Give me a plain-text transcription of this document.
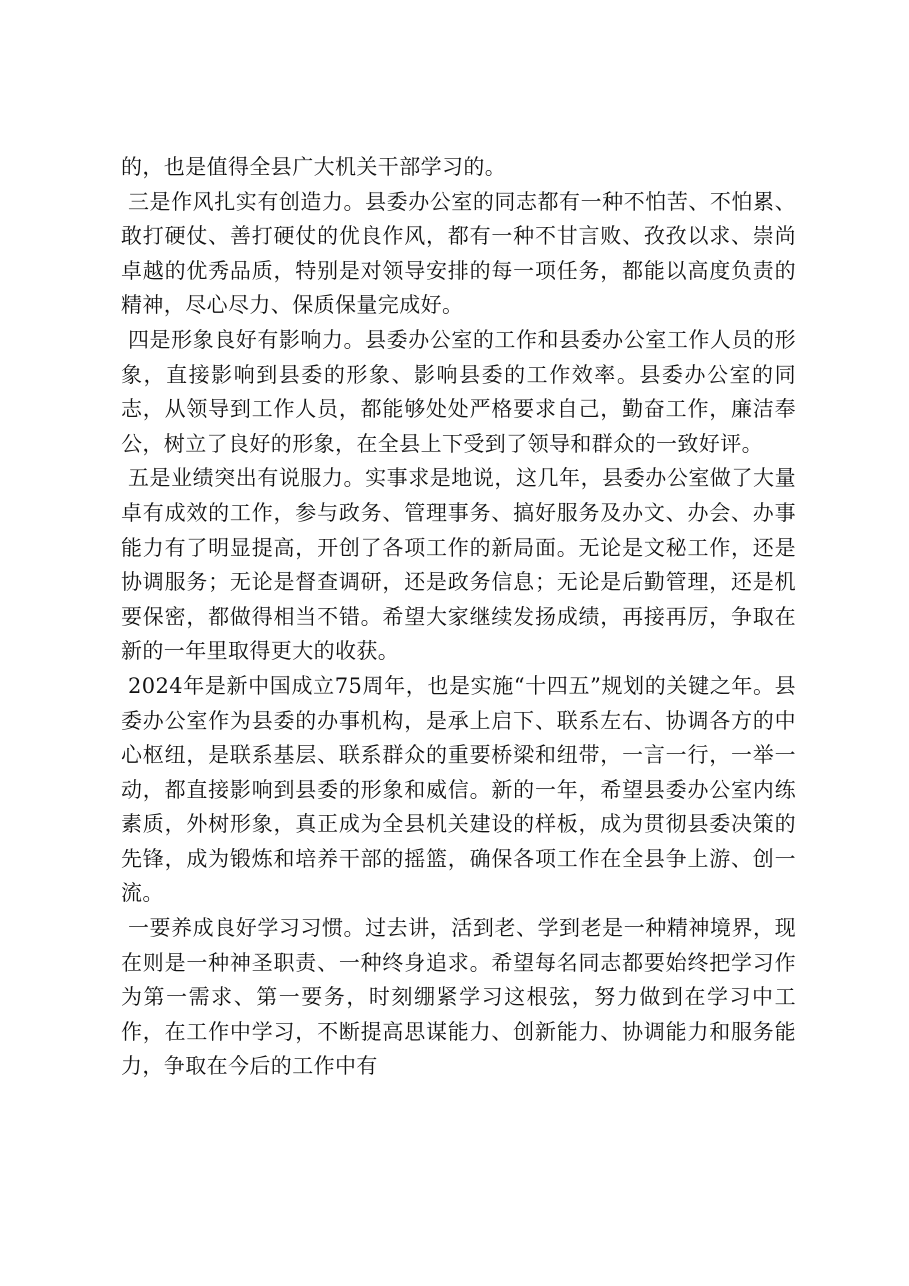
的，也是值得全县广大机关干部学习的。

三是作风扎实有创造力。县委办公室的同志都有一种不怕苦、不怕累、敢打硬仗、善打硬仗的优良作风，都有一种不甘言败、孜孜以求、崇尚卓越的优秀品质，特别是对领导安排的每一项任务，都能以高度负责的精神，尽心尽力、保质保量完成好。

四是形象良好有影响力。县委办公室的工作和县委办公室工作人员的形象，直接影响到县委的形象、影响县委的工作效率。县委办公室的同志，从领导到工作人员，都能够处处严格要求自己，勤奋工作，廉洁奉公，树立了良好的形象，在全县上下受到了领导和群众的一致好评。

五是业绩突出有说服力。实事求是地说，这几年，县委办公室做了大量卓有成效的工作，参与政务、管理事务、搞好服务及办文、办会、办事能力有了明显提高，开创了各项工作的新局面。无论是文秘工作，还是协调服务；无论是督查调研，还是政务信息；无论是后勤管理，还是机要保密，都做得相当不错。希望大家继续发扬成绩，再接再厉，争取在新的一年里取得更大的收获。

2024年是新中国成立75周年，也是实施“十四五”规划的关键之年。县委办公室作为县委的办事机构，是承上启下、联系左右、协调各方的中心枢纽，是联系基层、联系群众的重要桥梁和纽带，一言一行，一举一动，都直接影响到县委的形象和威信。新的一年，希望县委办公室内练素质，外树形象，真正成为全县机关建设的样板，成为贯彻县委决策的先锋，成为锻炼和培养干部的摇篮，确保各项工作在全县争上游、创一流。

一要养成良好学习习惯。过去讲，活到老、学到老是一种精神境界，现在则是一种神圣职责、一种终身追求。希望每名同志都要始终把学习作为第一需求、第一要务，时刻绷紧学习这根弦，努力做到在学习中工作，在工作中学习，不断提高思谋能力、创新能力、协调能力和服务能力，争取在今后的工作中有
